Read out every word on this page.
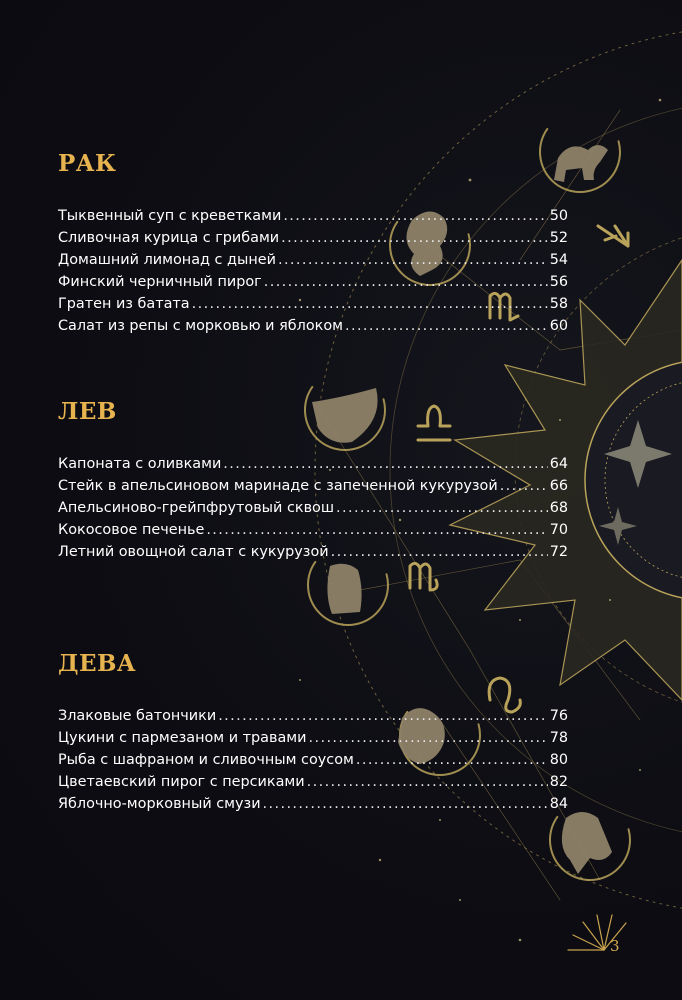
РАК
Тыквенный суп с креветками .....	50
Сливочная курица с грибами .....	52
Домашний лимонад с дыней .....	54
Финский черничный пирог .....	56
Гратен из батата .....	58
Салат из репы с морковью и яблоком .....	60
ЛЕВ
Капоната с оливками .....	64
Стейк в апельсиновом маринаде с запеченной кукурузой .....	66
Апельсиново-грейпфрутовый сквош .....	68
Кокосовое печенье .....	70
Летний овощной салат с кукурузой .....	72
ДЕВА
Злаковые батончики .....	76
Цукини с пармезаном и травами .....	78
Рыба с шафраном и сливочным соусом .....	80
Цветаевский пирог с персиками .....	82
Яблочно-морковный смузи .....	84
3
